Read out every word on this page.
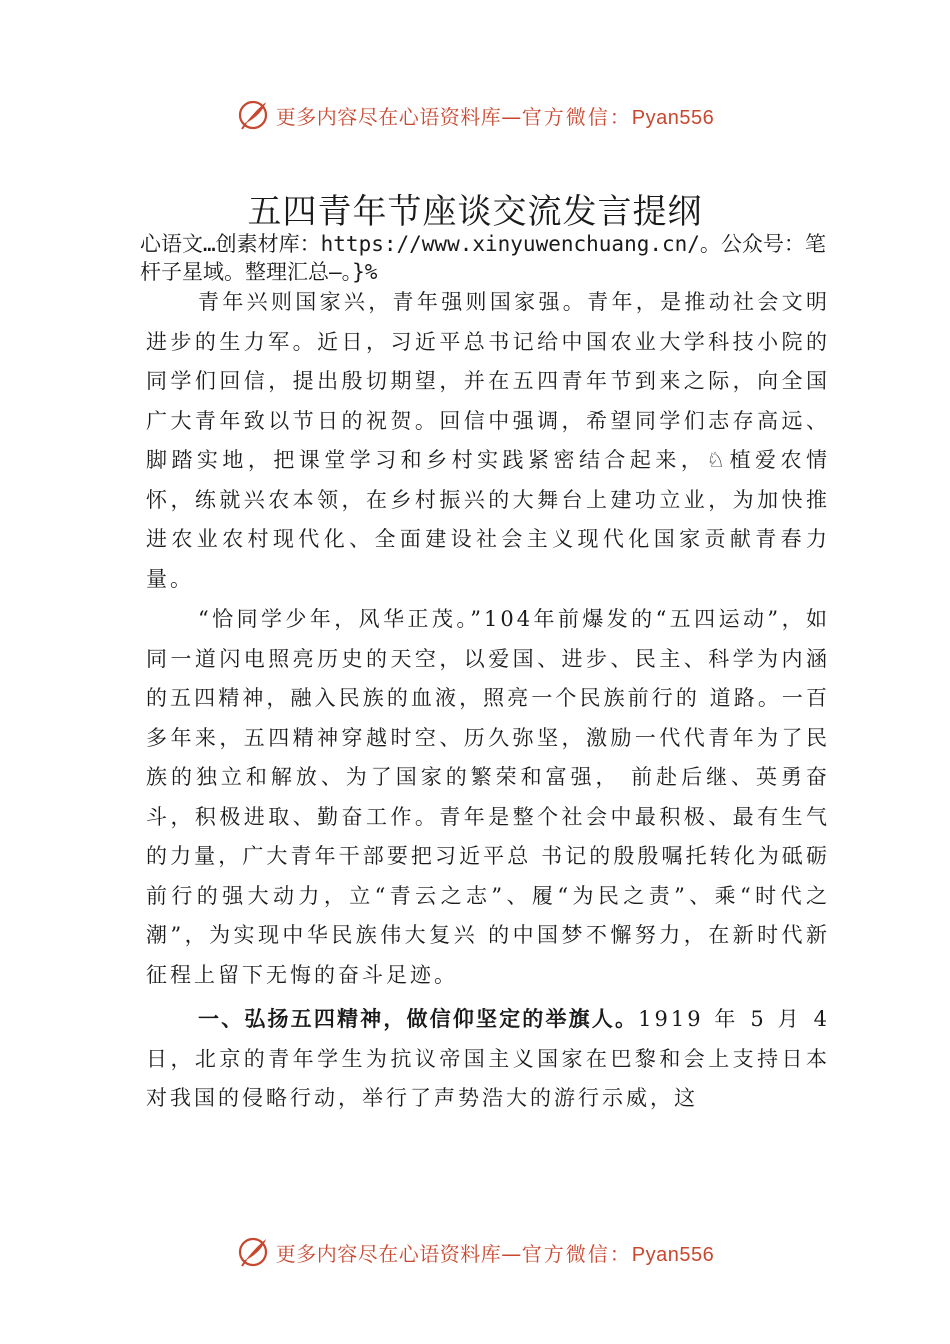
更多内容尽在心语资料库—官方微信：Pyan556
五四青年节座谈交流发言提纲
心语文…创素材库：https://www.xinyuwenchuang.cn/。公众号：笔杆子星域。整理汇总—。}%

青年兴则国家兴，青年强则国家强。青年，是推动社会文明进步的生力军。近日，习近平总书记给中国农业大学科技小院的同学们回信，提出殷切期望，并在五四青年节到来之际，向全国广大青年致以节日的祝贺。回信中强调，希望同学们志存高远、脚踏实地，把课堂学习和乡村实践紧密结合起来，♘植爱农情怀，练就兴农本领，在乡村振兴的大舞台上建功立业，为加快推进农业农村现代化、全面建设社会主义现代化国家贡献青春力量。

“恰同学少年，风华正茂。”104年前爆发的“五四运动”，如同一道闪电照亮历史的天空，以爱国、进步、民主、科学为内涵的五四精神，融入民族的血液，照亮一个民族前行的 道路。一百多年来，五四精神穿越时空、历久弥坚，激励一代代青年为了民族的独立和解放、为了国家的繁荣和富强， 前赴后继、英勇奋斗，积极进取、勤奋工作。青年是整个社会中最积极、最有生气的力量，广大青年干部要把习近平总 书记的殷殷嘱托转化为砥砺前行的强大动力，立“青云之志”、履“为民之责”、乘“时代之潮”，为实现中华民族伟大复兴 的中国梦不懈努力，在新时代新征程上留下无悔的奋斗足迹。

一、弘扬五四精神，做信仰坚定的举旗人。1919 年 5 月 4 日，北京的青年学生为抗议帝国主义国家在巴黎和会上支持日本对我国的侵略行动，举行了声势浩大的游行示威，这

更多内容尽在心语资料库—官方微信：Pyan556
